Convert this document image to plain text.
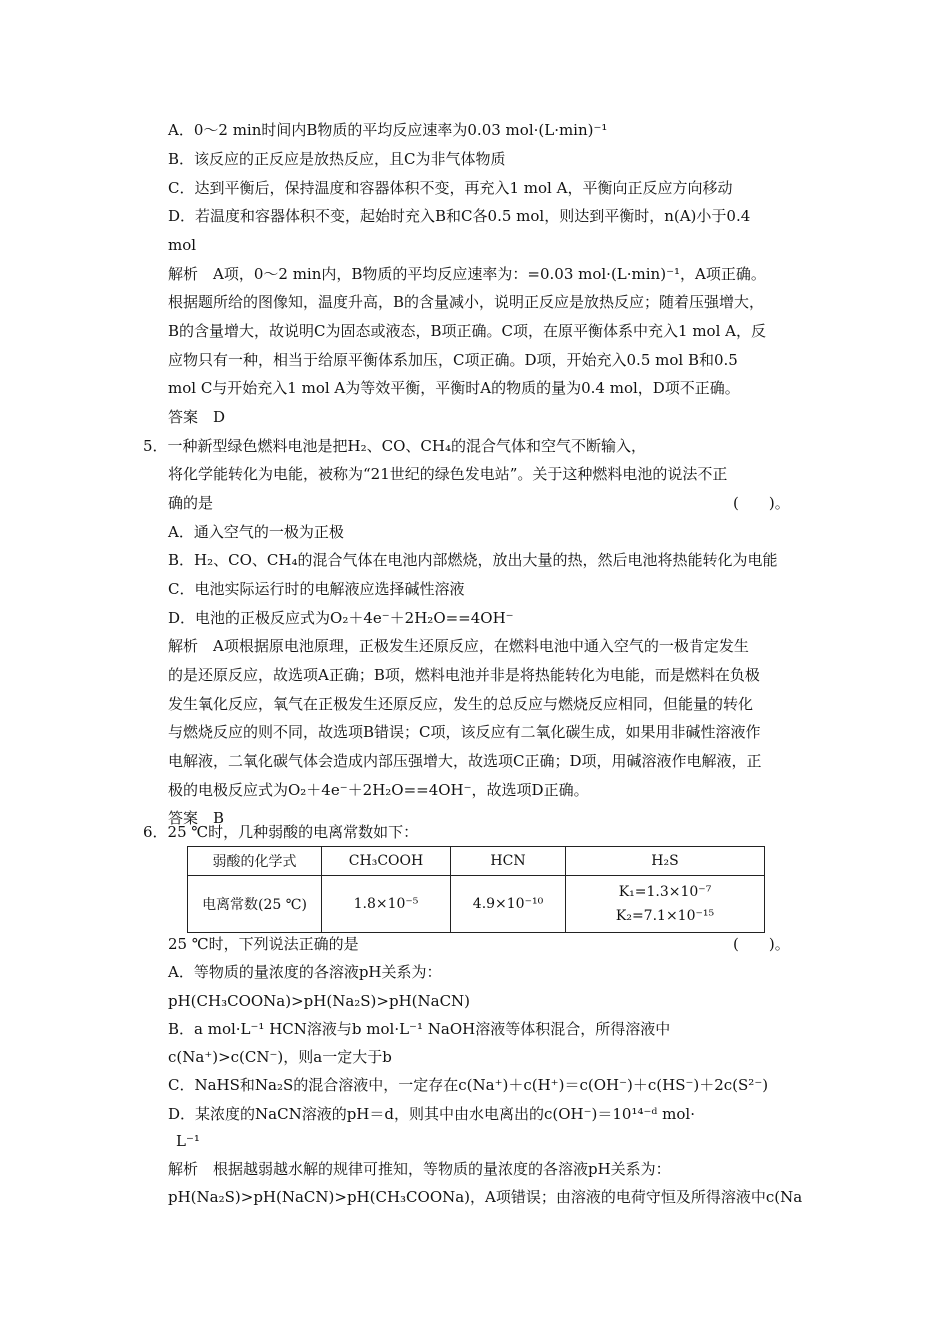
A．0～2 min时间内B物质的平均反应速率为0.03 mol·(L·min)⁻¹
B．该反应的正反应是放热反应，且C为非气体物质
C．达到平衡后，保持温度和容器体积不变，再充入1 mol A，平衡向正反应方向移动
D．若温度和容器体积不变，起始时充入B和C各0.5 mol，则达到平衡时，n(A)小于0.4
mol
解析　A项，0～2 min内，B物质的平均反应速率为：=0.03 mol·(L·min)⁻¹，A项正确。
根据题所给的图像知，温度升高，B的含量减小，说明正反应是放热反应；随着压强增大，
B的含量增大，故说明C为固态或液态，B项正确。C项，在原平衡体系中充入1 mol A，反
应物只有一种，相当于给原平衡体系加压，C项正确。D项，开始充入0.5 mol B和0.5
mol C与开始充入1 mol A为等效平衡，平衡时A的物质的量为0.4 mol，D项不正确。
答案　D
5．一种新型绿色燃料电池是把H₂、CO、CH₄的混合气体和空气不断输入，
将化学能转化为电能，被称为“21世纪的绿色发电站”。关于这种燃料电池的说法不正
确的是	(　　)。
A．通入空气的一极为正极
B．H₂、CO、CH₄的混合气体在电池内部燃烧，放出大量的热，然后电池将热能转化为电能
C．电池实际运行时的电解液应选择碱性溶液
D．电池的正极反应式为O₂＋4e⁻＋2H₂O==4OH⁻
解析　A项根据原电池原理，正极发生还原反应，在燃料电池中通入空气的一极肯定发生
的是还原反应，故选项A正确；B项，燃料电池并非是将热能转化为电能，而是燃料在负极
发生氧化反应，氧气在正极发生还原反应，发生的总反应与燃烧反应相同，但能量的转化
与燃烧反应的则不同，故选项B错误；C项，该反应有二氧化碳生成，如果用非碱性溶液作
电解液，二氧化碳气体会造成内部压强增大，故选项C正确；D项，用碱溶液作电解液，正
极的电极反应式为O₂＋4e⁻＋2H₂O==4OH⁻，故选项D正确。
答案　B
6．25 ℃时，几种弱酸的电离常数如下：
弱酸的化学式	CH₃COOH	HCN	H₂S
电离常数(25 ℃)	1.8×10⁻⁵	4.9×10⁻¹⁰	K₁=1.3×10⁻⁷
K₂=7.1×10⁻¹⁵
25 ℃时，下列说法正确的是	(　　)。
A．等物质的量浓度的各溶液pH关系为：
pH(CH₃COONa)>pH(Na₂S)>pH(NaCN)
B．a mol·L⁻¹ HCN溶液与b mol·L⁻¹ NaOH溶液等体积混合，所得溶液中
c(Na⁺)>c(CN⁻)，则a一定大于b
C．NaHS和Na₂S的混合溶液中，一定存在c(Na⁺)＋c(H⁺)＝c(OH⁻)＋c(HS⁻)＋2c(S²⁻)
D．某浓度的NaCN溶液的pH＝d，则其中由水电离出的c(OH⁻)＝10¹⁴⁻ᵈ mol·
L⁻¹
解析　根据越弱越水解的规律可推知，等物质的量浓度的各溶液pH关系为：
pH(Na₂S)>pH(NaCN)>pH(CH₃COONa)，A项错误；由溶液的电荷守恒及所得溶液中c(Na
